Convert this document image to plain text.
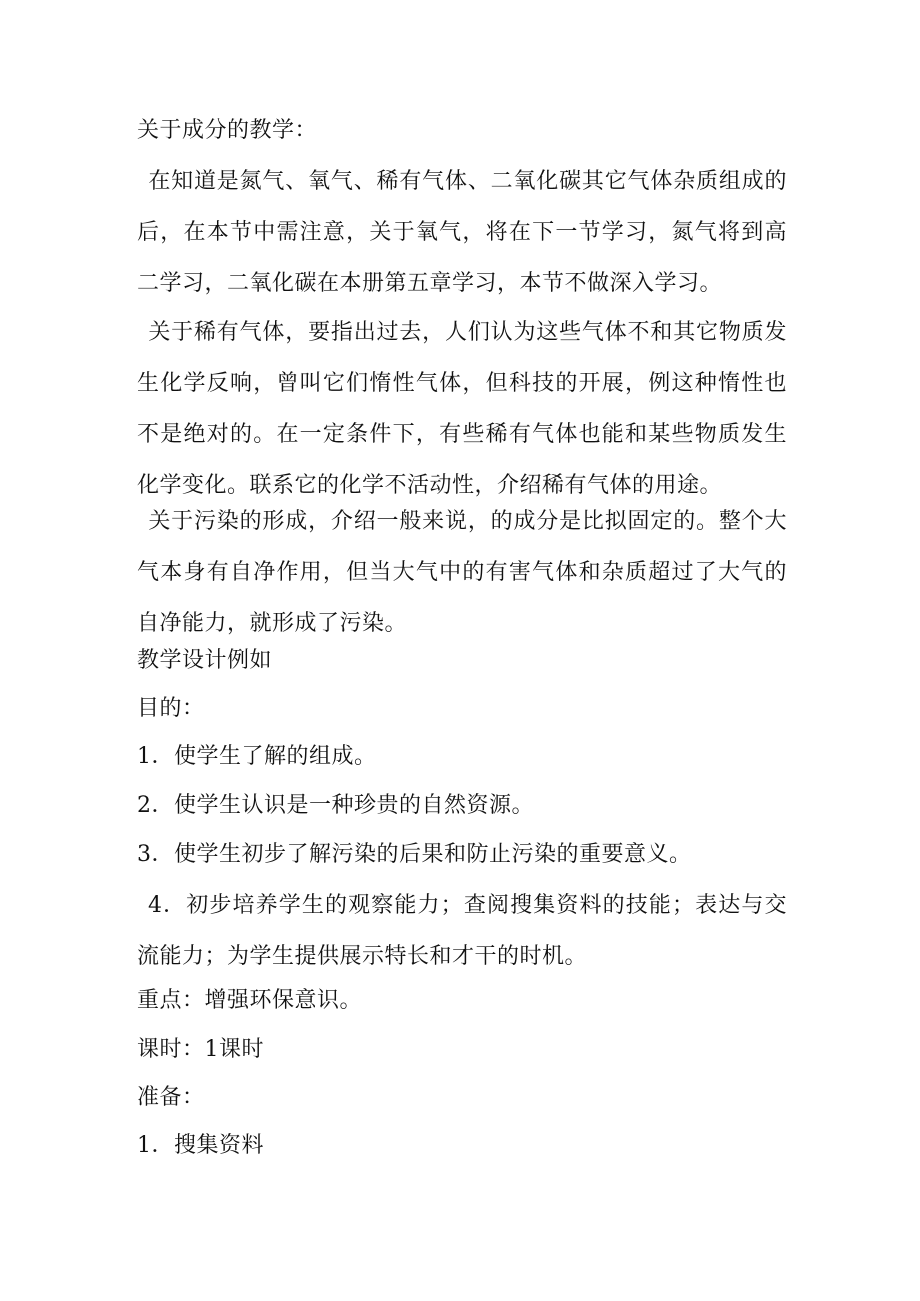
关于成分的教学：
在知道是氮气、氧气、稀有气体、二氧化碳其它气体杂质组成的后，在本节中需注意，关于氧气，将在下一节学习，氮气将到高二学习，二氧化碳在本册第五章学习，本节不做深入学习。
关于稀有气体，要指出过去，人们认为这些气体不和其它物质发生化学反响，曾叫它们惰性气体，但科技的开展，例这种惰性也不是绝对的。在一定条件下，有些稀有气体也能和某些物质发生化学变化。联系它的化学不活动性，介绍稀有气体的用途。
关于污染的形成，介绍一般来说，的成分是比拟固定的。整个大气本身有自净作用，但当大气中的有害气体和杂质超过了大气的自净能力，就形成了污染。
教学设计例如
目的：
1．使学生了解的组成。
2．使学生认识是一种珍贵的自然资源。
3．使学生初步了解污染的后果和防止污染的重要意义。
4．初步培养学生的观察能力；查阅搜集资料的技能；表达与交流能力；为学生提供展示特长和才干的时机。
重点：增强环保意识。
课时：1课时
准备：
1．搜集资料
